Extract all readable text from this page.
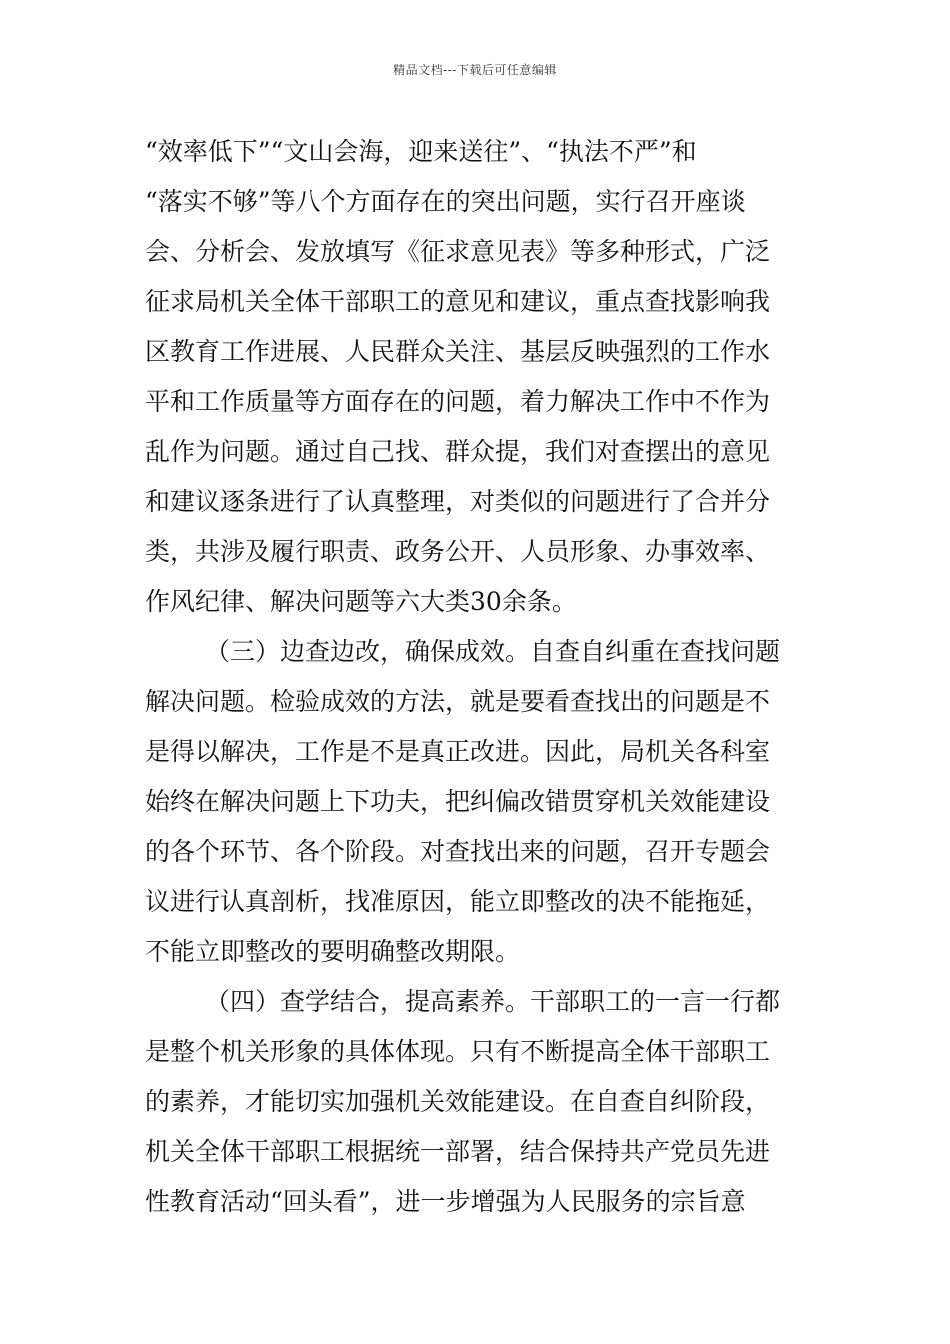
精品文档---下载后可任意编辑
“效率低下”“文山会海，迎来送往”、“执法不严”和
“落实不够”等八个方面存在的突出问题，实行召开座谈
会、分析会、发放填写《征求意见表》等多种形式，广泛
征求局机关全体干部职工的意见和建议，重点查找影响我
区教育工作进展、人民群众关注、基层反映强烈的工作水
平和工作质量等方面存在的问题，着力解决工作中不作为
乱作为问题。通过自己找、群众提，我们对查摆出的意见
和建议逐条进行了认真整理，对类似的问题进行了合并分
类，共涉及履行职责、政务公开、人员形象、办事效率、
作风纪律、解决问题等六大类30余条。
（三）边查边改，确保成效。自查自纠重在查找问题
解决问题。检验成效的方法，就是要看查找出的问题是不
是得以解决，工作是不是真正改进。因此，局机关各科室
始终在解决问题上下功夫，把纠偏改错贯穿机关效能建设
的各个环节、各个阶段。对查找出来的问题，召开专题会
议进行认真剖析，找准原因，能立即整改的决不能拖延，
不能立即整改的要明确整改期限。
（四）查学结合，提高素养。干部职工的一言一行都
是整个机关形象的具体体现。只有不断提高全体干部职工
的素养，才能切实加强机关效能建设。在自查自纠阶段，
机关全体干部职工根据统一部署，结合保持共产党员先进
性教育活动“回头看”，进一步增强为人民服务的宗旨意
